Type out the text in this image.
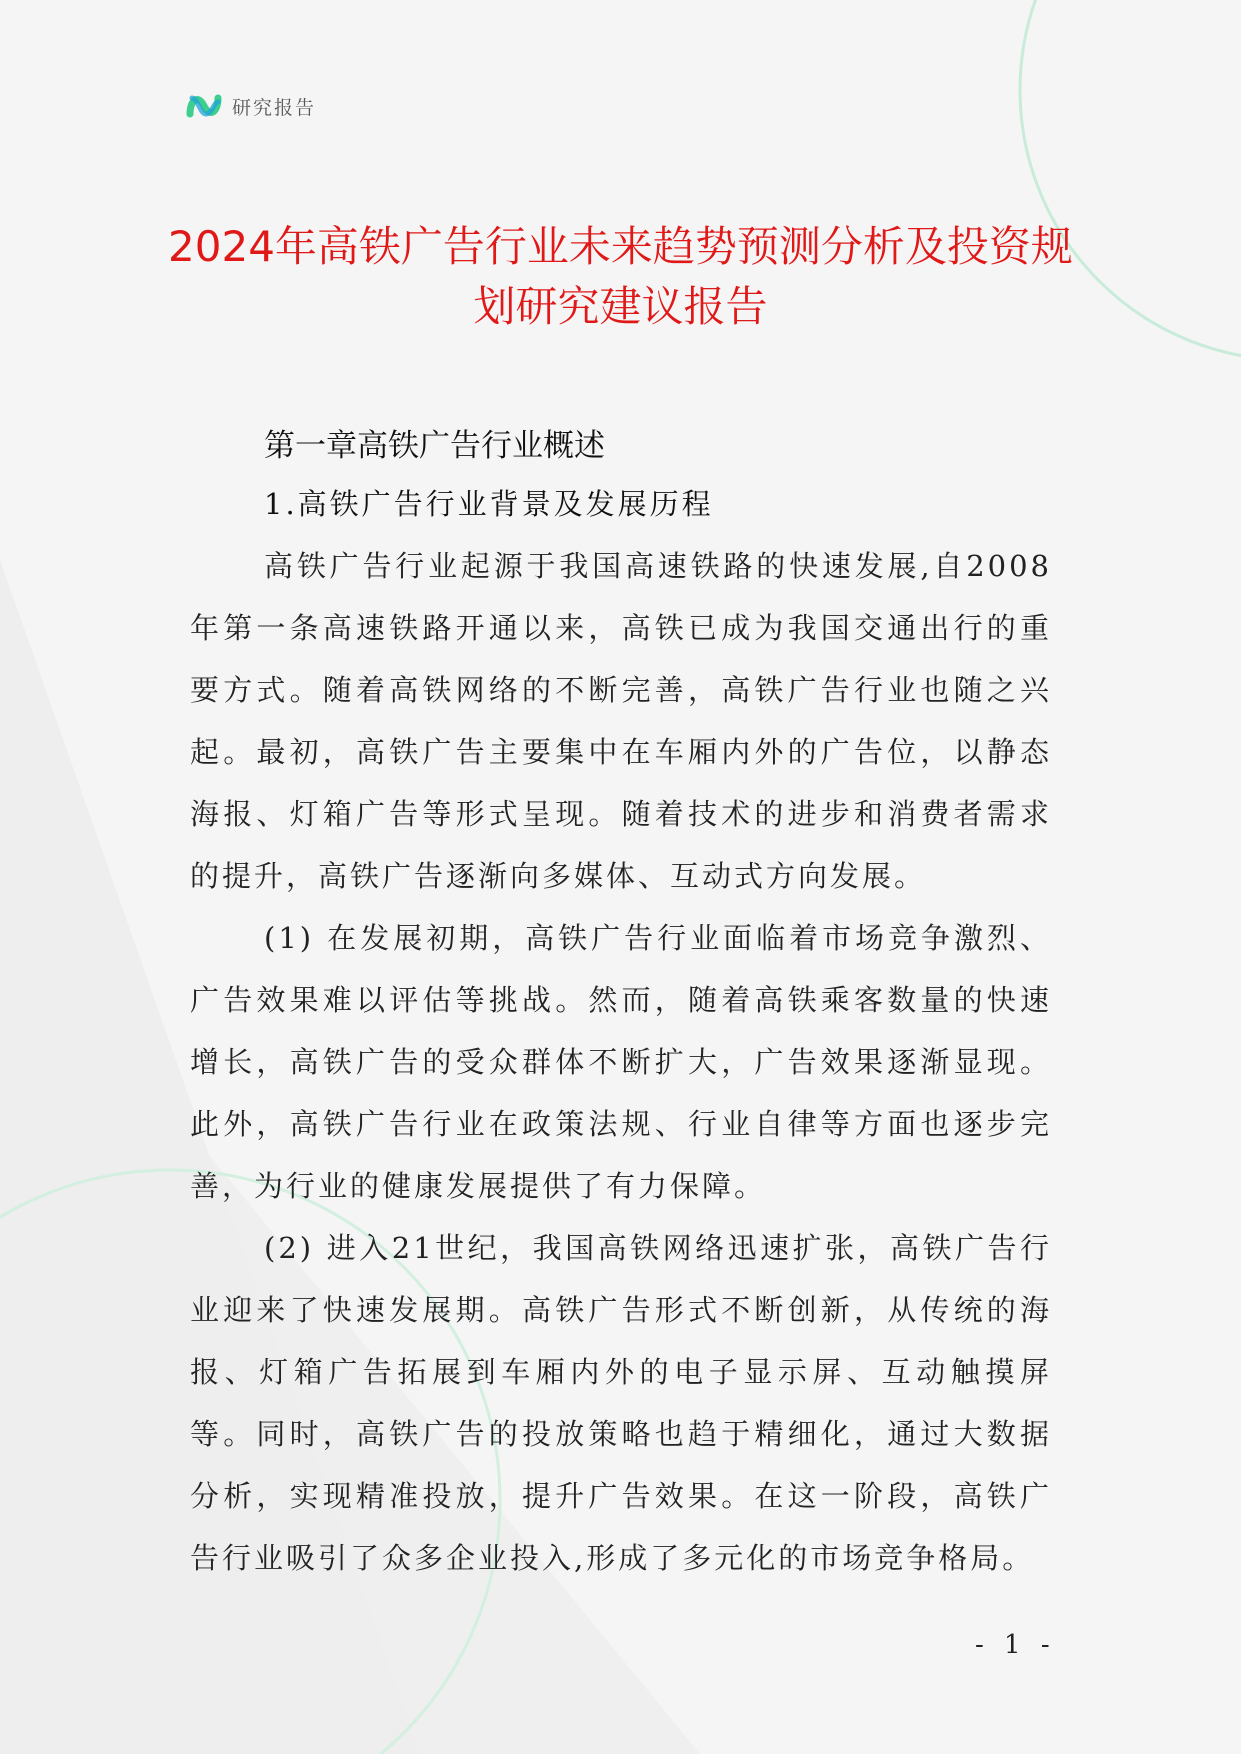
研究报告
2024年高铁广告行业未来趋势预测分析及投资规划研究建议报告
第一章高铁广告行业概述
1.高铁广告行业背景及发展历程

高铁广告行业起源于我国高速铁路的快速发展,自2008年第一条高速铁路开通以来，高铁已成为我国交通出行的重要方式。随着高铁网络的不断完善，高铁广告行业也随之兴起。最初，高铁广告主要集中在车厢内外的广告位，以静态海报、灯箱广告等形式呈现。随着技术的进步和消费者需求的提升，高铁广告逐渐向多媒体、互动式方向发展。

(1) 在发展初期，高铁广告行业面临着市场竞争激烈、广告效果难以评估等挑战。然而，随着高铁乘客数量的快速增长，高铁广告的受众群体不断扩大，广告效果逐渐显现。此外，高铁广告行业在政策法规、行业自律等方面也逐步完善，为行业的健康发展提供了有力保障。

(2) 进入21世纪，我国高铁网络迅速扩张，高铁广告行业迎来了快速发展期。高铁广告形式不断创新，从传统的海报、灯箱广告拓展到车厢内外的电子显示屏、互动触摸屏等。同时，高铁广告的投放策略也趋于精细化，通过大数据分析，实现精准投放，提升广告效果。在这一阶段，高铁广告行业吸引了众多企业投入,形成了多元化的市场竞争格局。

- 1 -
